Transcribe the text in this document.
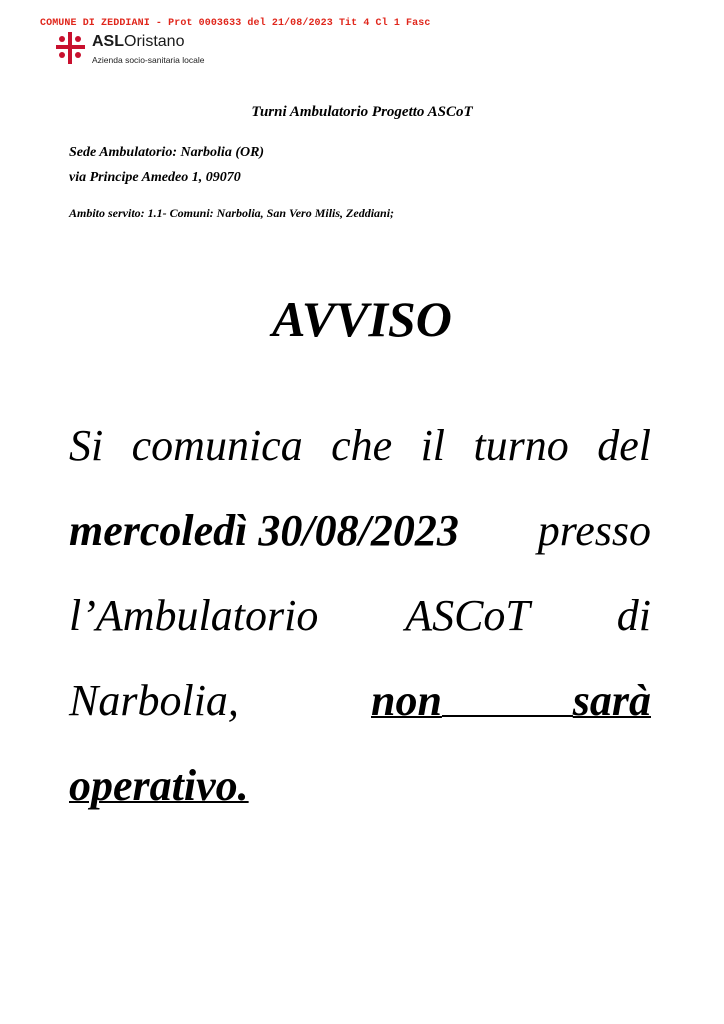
COMUNE DI ZEDDIANI - Prot 0003633 del 21/08/2023 Tit 4 Cl 1 Fasc
ASLOristano
Azienda socio-sanitaria locale
Turni Ambulatorio Progetto ASCoT
Sede Ambulatorio: Narbolia (OR)
via Principe Amedeo 1, 09070
Ambito servito: 1.1- Comuni: Narbolia, San Vero Milis, Zeddiani;
AVVISO
Si comunica che il turno del
mercoledì 30/08/2023 presso
l’Ambulatorio ASCoT di
Narbolia,	non	sarà
operativo.
